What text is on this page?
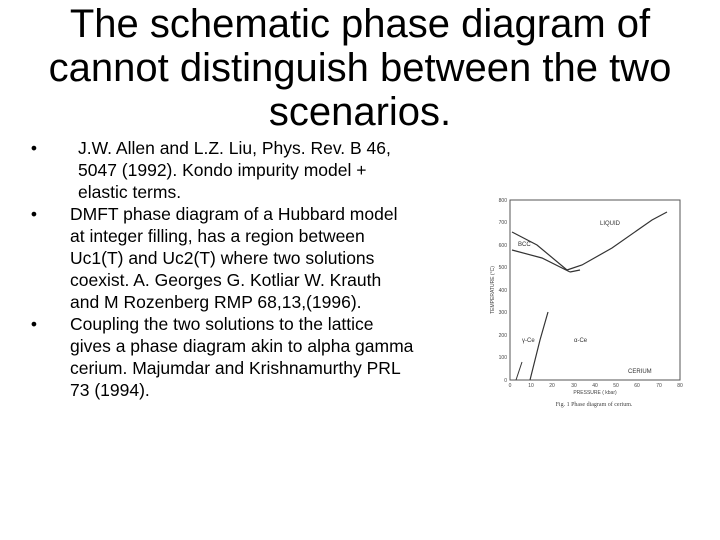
The schematic phase diagram of cannot distinguish between the two scenarios.
•	J.W. Allen and L.Z. Liu, Phys. Rev. B 46, 5047 (1992). Kondo impurity model + elastic terms.
•	DMFT phase diagram of a Hubbard model at integer filling, has a region between Uc1(T) and Uc2(T) where two solutions coexist. A. Georges G. Kotliar W. Krauth and M Rozenberg RMP 68,13,(1996).
•	Coupling the two solutions to the lattice gives a phase diagram akin to alpha gamma cerium. Majumdar and Krishnamurthy PRL 73 (1994).
800
700
600
500
400
300
200
100
0
0	10	20	30	40	50	60	70	80
TEMPERATURE (°C)
PRESSURE ( kbar)
BCC
LIQUID
γ-Ce	α-Ce
CERIUM
Fig. 1 Phase diagram of cerium.
